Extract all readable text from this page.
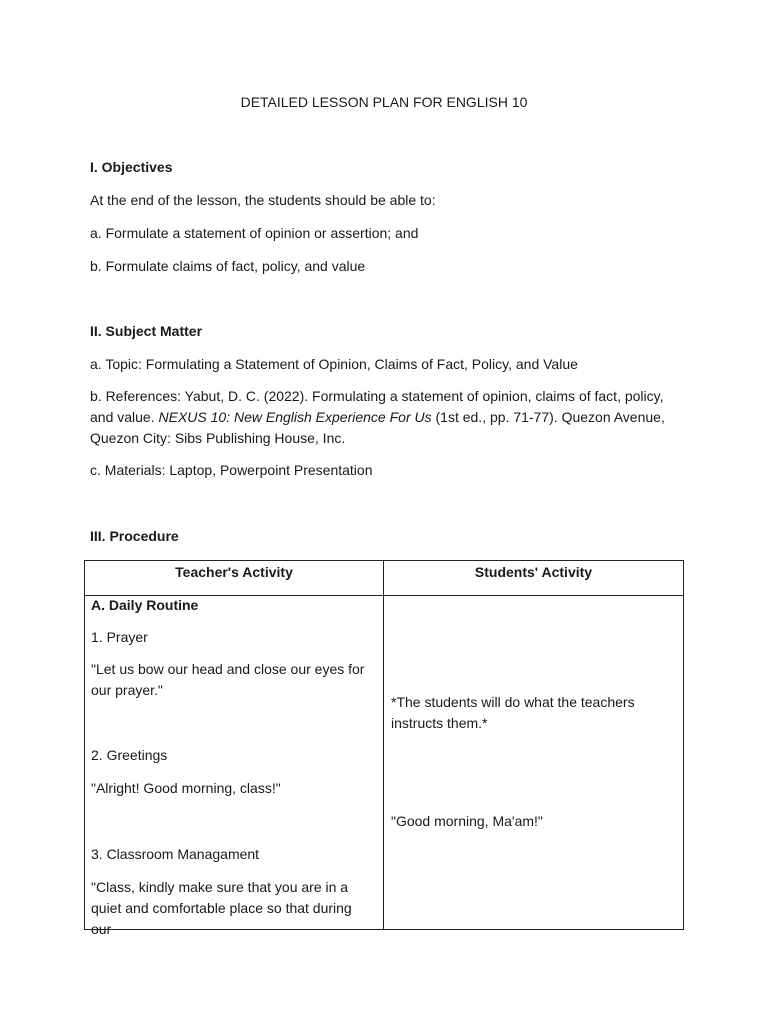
DETAILED LESSON PLAN FOR ENGLISH 10

I. Objectives

At the end of the lesson, the students should be able to:

a. Formulate a statement of opinion or assertion; and

b. Formulate claims of fact, policy, and value

II. Subject Matter

a. Topic: Formulating a Statement of Opinion, Claims of Fact, Policy, and Value

b. References: Yabut, D. C. (2022). Formulating a statement of opinion, claims of fact, policy, and value. NEXUS 10: New English Experience For Us (1st ed., pp. 71-77). Quezon Avenue, Quezon City: Sibs Publishing House, Inc.

c. Materials: Laptop, Powerpoint Presentation

III. Procedure

Teacher's Activity	Students' Activity
A. Daily Routine
1. Prayer
"Let us bow our head and close our eyes for our prayer."
*The students will do what the teachers instructs them.*
2. Greetings
"Alright! Good morning, class!"
"Good morning, Ma'am!"
3. Classroom Managament
"Class, kindly make sure that you are in a quiet and comfortable place so that during our
